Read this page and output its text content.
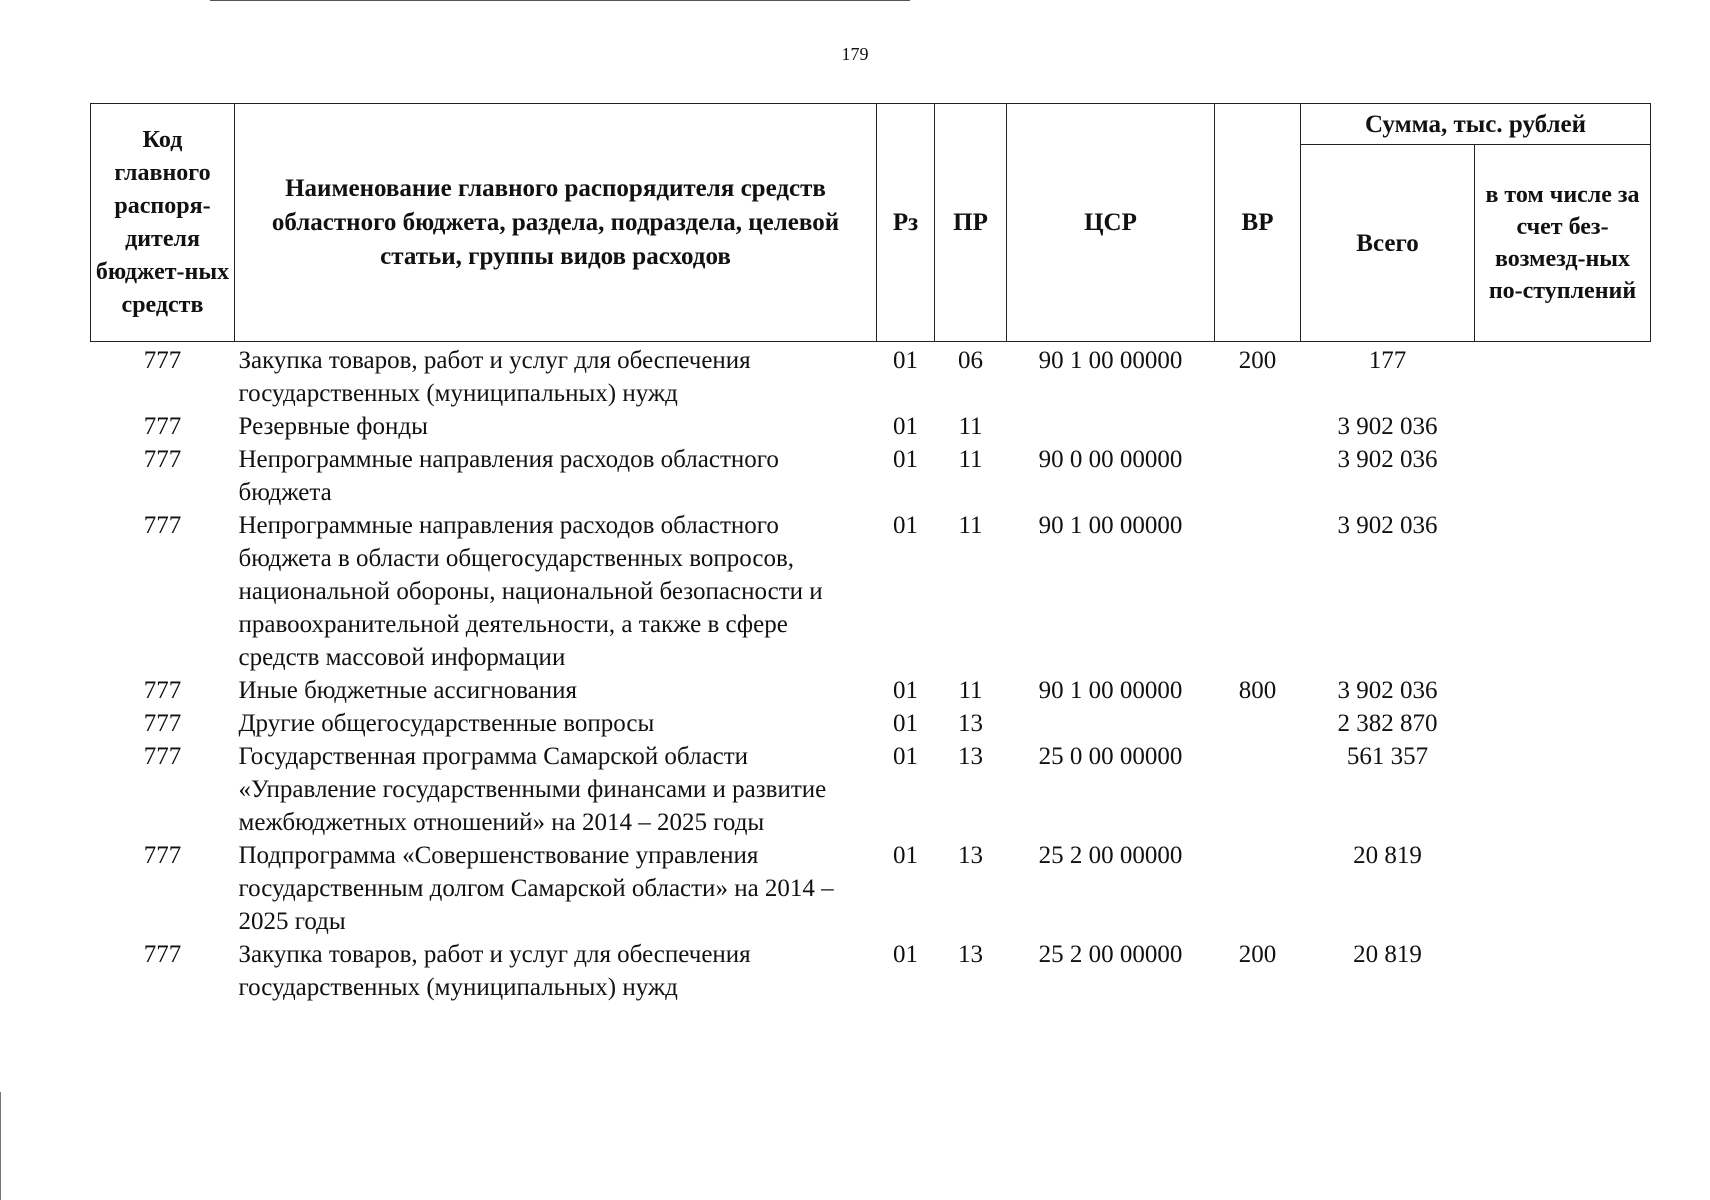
179
Код главного распоря-дителя бюджет-ных средств	Наименование главного распорядителя средств областного бюджета, раздела, подраздела, целевой статьи, группы видов расходов	Рз	ПР	ЦСР	ВР	Сумма, тыс. рублей	
						Всего	в том числе за счет без-возмезд-ных по-ступлений
777	Закупка товаров, работ и услуг для обеспечения государственных (муниципальных) нужд	01	06	90 1 00 00000	200	177	
777	Резервные фонды	01	11			3 902 036	
777	Непрограммные направления расходов областного бюджета	01	11	90 0 00 00000		3 902 036	
777	Непрограммные направления расходов областного бюджета в области общегосударственных вопросов, национальной обороны, национальной безопасности и правоохранительной деятельности, а также в сфере средств массовой информации	01	11	90 1 00 00000		3 902 036	
777	Иные бюджетные ассигнования	01	11	90 1 00 00000	800	3 902 036	
777	Другие общегосударственные вопросы	01	13			2 382 870	
777	Государственная программа Самарской области «Управление государственными финансами и развитие межбюджетных отношений» на 2014 – 2025 годы	01	13	25 0 00 00000		561 357	
777	Подпрограмма «Совершенствование управления государственным долгом Самарской области» на 2014 – 2025 годы	01	13	25 2 00 00000		20 819	
777	Закупка товаров, работ и услуг для обеспечения государственных (муниципальных) нужд	01	13	25 2 00 00000	200	20 819	
